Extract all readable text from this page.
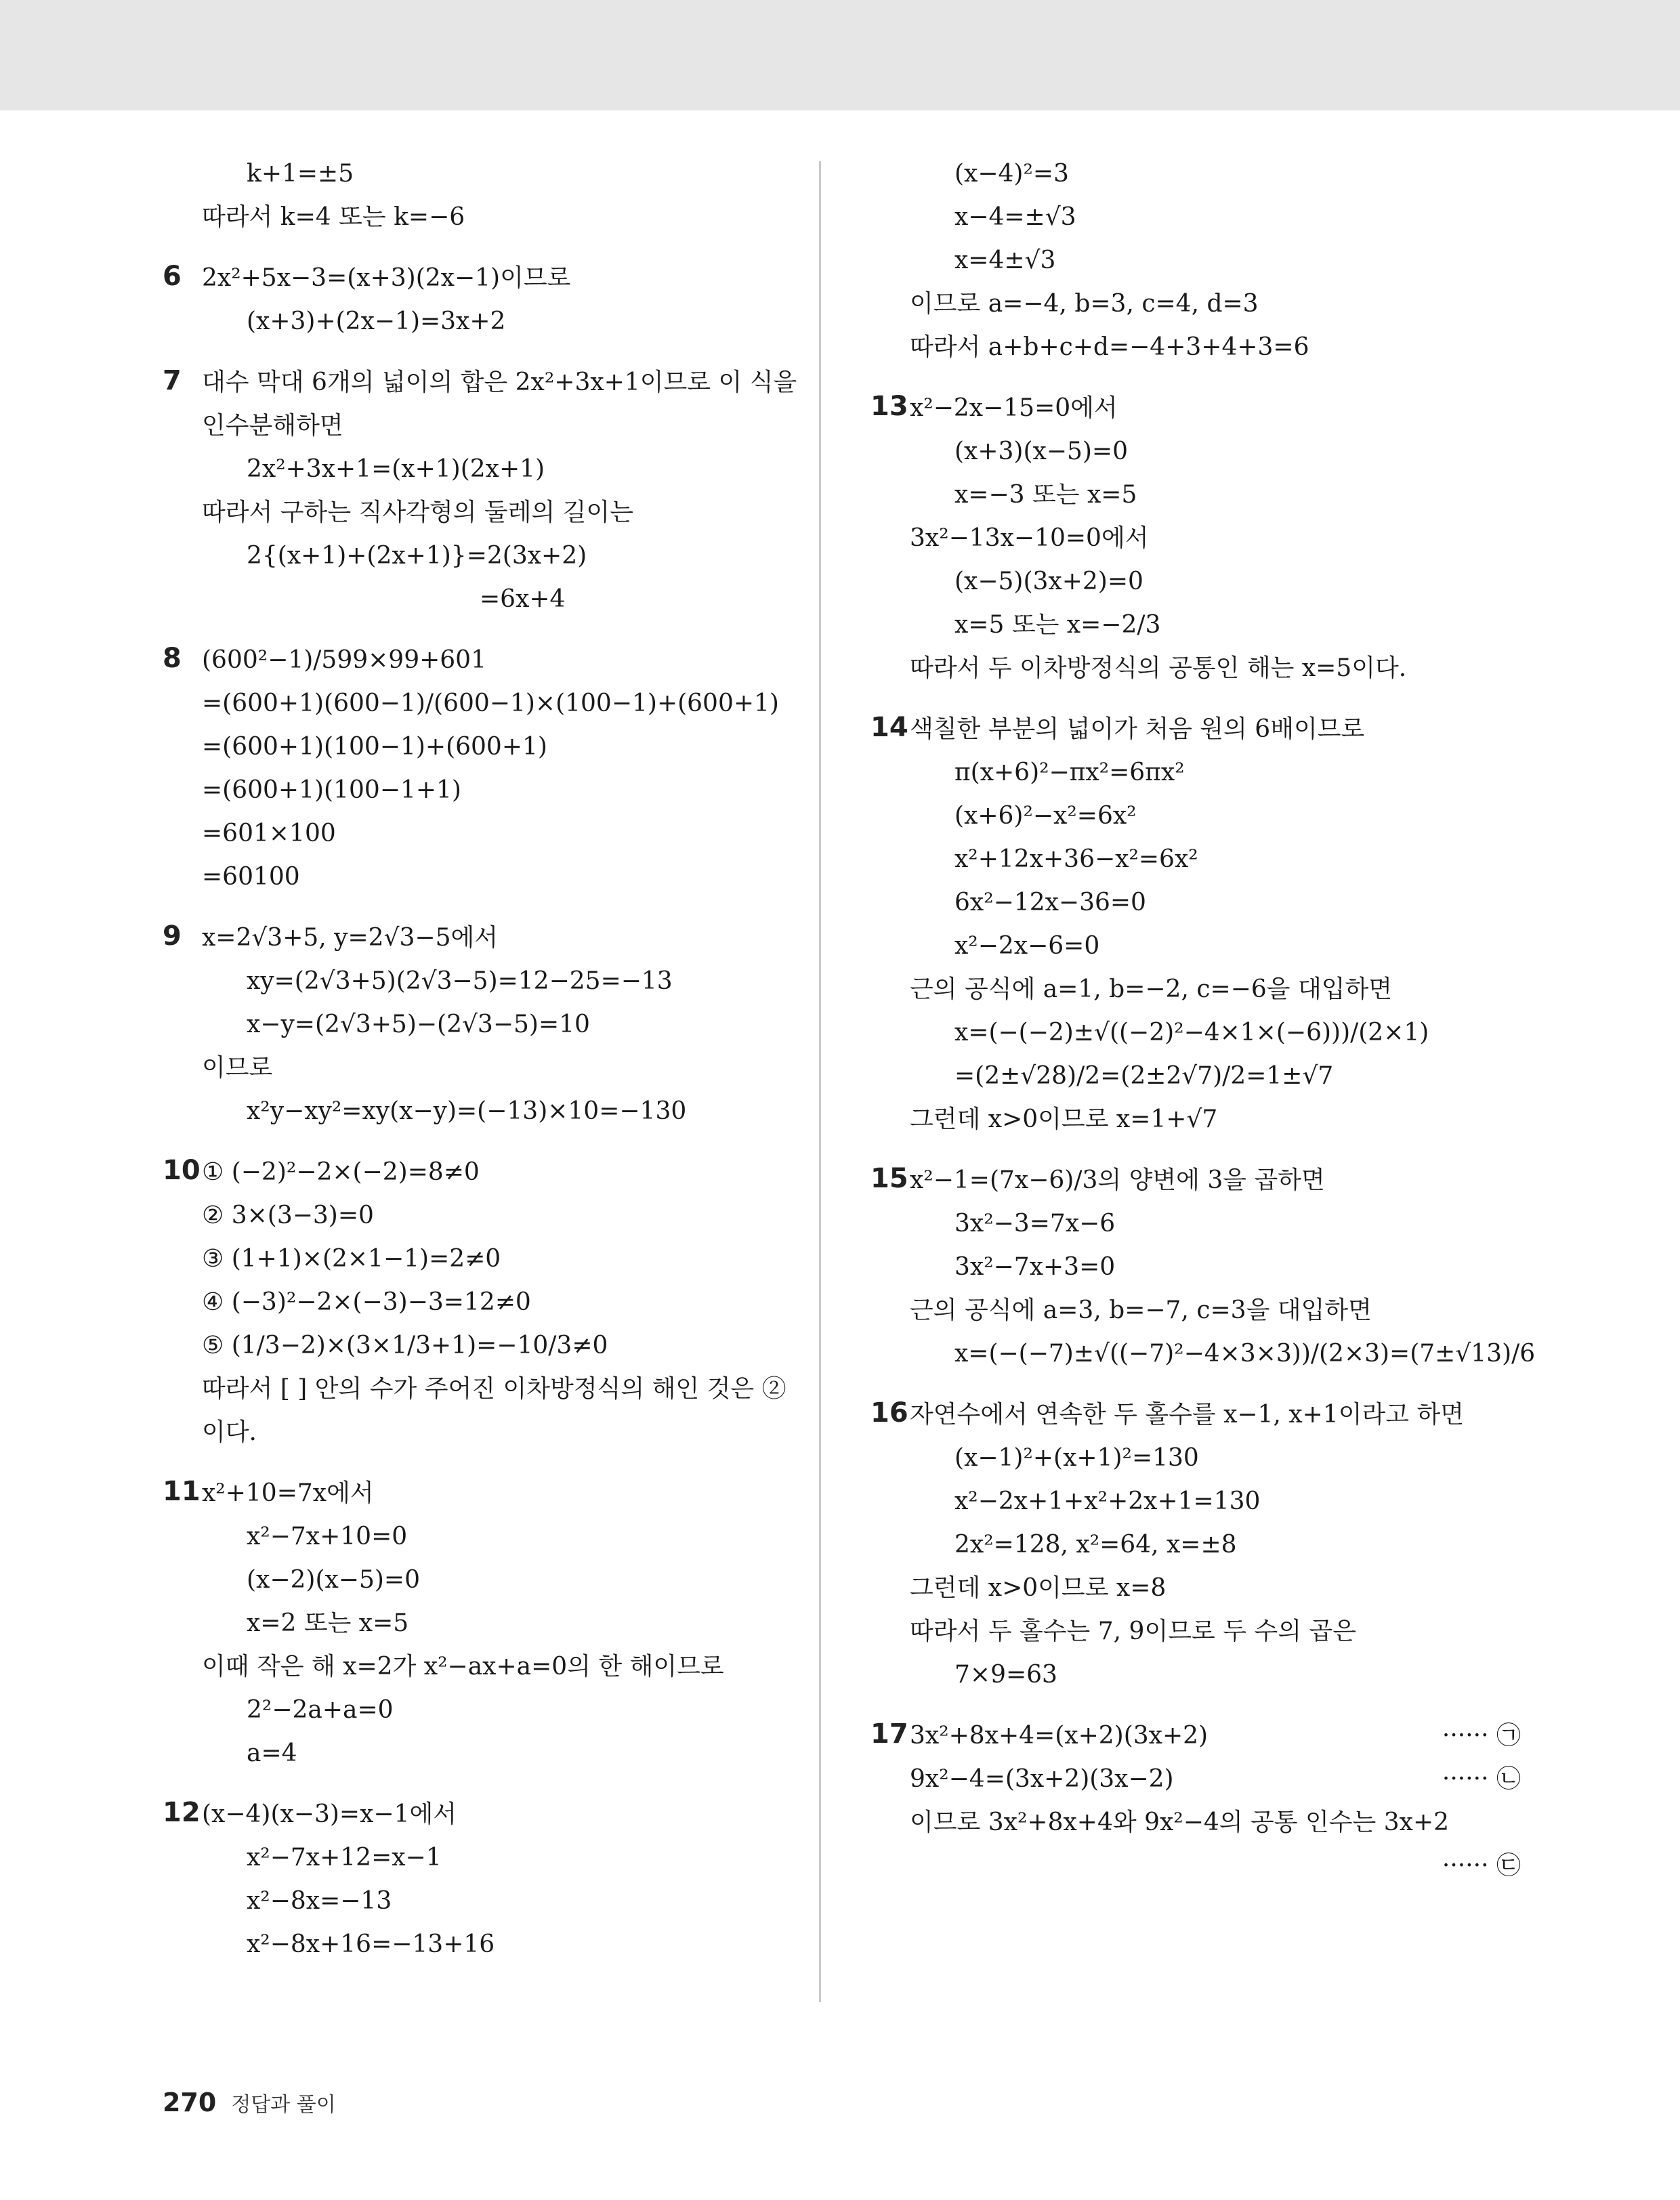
k+1=±5
따라서 k=4 또는 k=−6
6 2x²+5x−3=(x+3)(2x−1)이므로
(x+3)+(2x−1)=3x+2
7 대수 막대 6개의 넓이의 합은 2x²+3x+1이므로 이 식을
인수분해하면
2x²+3x+1=(x+1)(2x+1)
따라서 구하는 직사각형의 둘레의 길이는
2{(x+1)+(2x+1)}=2(3x+2)
=6x+4
8 (600²−1)/599×99+601
=(600+1)(600−1)/(600−1)×(100−1)+(600+1)
=(600+1)(100−1)+(600+1)
=(600+1)(100−1+1)
=601×100
=60100
9 x=2√3+5, y=2√3−5에서
xy=(2√3+5)(2√3−5)=12−25=−13
x−y=(2√3+5)−(2√3−5)=10
이므로
x²y−xy²=xy(x−y)=(−13)×10=−130
10 ① (−2)²−2×(−2)=8≠0
② 3×(3−3)=0
③ (1+1)×(2×1−1)=2≠0
④ (−3)²−2×(−3)−3=12≠0
⑤ (1/3−2)×(3×1/3+1)=−10/3≠0
따라서 [ ] 안의 수가 주어진 이차방정식의 해인 것은 ②
이다.
11 x²+10=7x에서
x²−7x+10=0
(x−2)(x−5)=0
x=2 또는 x=5
이때 작은 해 x=2가 x²−ax+a=0의 한 해이므로
2²−2a+a=0
a=4
12 (x−4)(x−3)=x−1에서
x²−7x+12=x−1
x²−8x=−13
x²−8x+16=−13+16
(x−4)²=3
x−4=±√3
x=4±√3
이므로 a=−4, b=3, c=4, d=3
따라서 a+b+c+d=−4+3+4+3=6
13 x²−2x−15=0에서
(x+3)(x−5)=0
x=−3 또는 x=5
3x²−13x−10=0에서
(x−5)(3x+2)=0
x=5 또는 x=−2/3
따라서 두 이차방정식의 공통인 해는 x=5이다.
14 색칠한 부분의 넓이가 처음 원의 6배이므로
π(x+6)²−πx²=6πx²
(x+6)²−x²=6x²
x²+12x+36−x²=6x²
6x²−12x−36=0
x²−2x−6=0
근의 공식에 a=1, b=−2, c=−6을 대입하면
x=(−(−2)±√((−2)²−4×1×(−6)))/(2×1)
=(2±√28)/2=(2±2√7)/2=1±√7
그런데 x>0이므로 x=1+√7
15 x²−1=(7x−6)/3의 양변에 3을 곱하면
3x²−3=7x−6
3x²−7x+3=0
근의 공식에 a=3, b=−7, c=3을 대입하면
x=(−(−7)±√((−7)²−4×3×3))/(2×3)=(7±√13)/6
16 자연수에서 연속한 두 홀수를 x−1, x+1이라고 하면
(x−1)²+(x+1)²=130
x²−2x+1+x²+2x+1=130
2x²=128, x²=64, x=±8
그런데 x>0이므로 x=8
따라서 두 홀수는 7, 9이므로 두 수의 곱은
7×9=63
17 3x²+8x+4=(x+2)(3x+2)	······ ㉠
9x²−4=(3x+2)(3x−2)	······ ㉡
이므로 3x²+8x+4와 9x²−4의 공통 인수는 3x+2
······ ㉢
270 정답과 풀이
